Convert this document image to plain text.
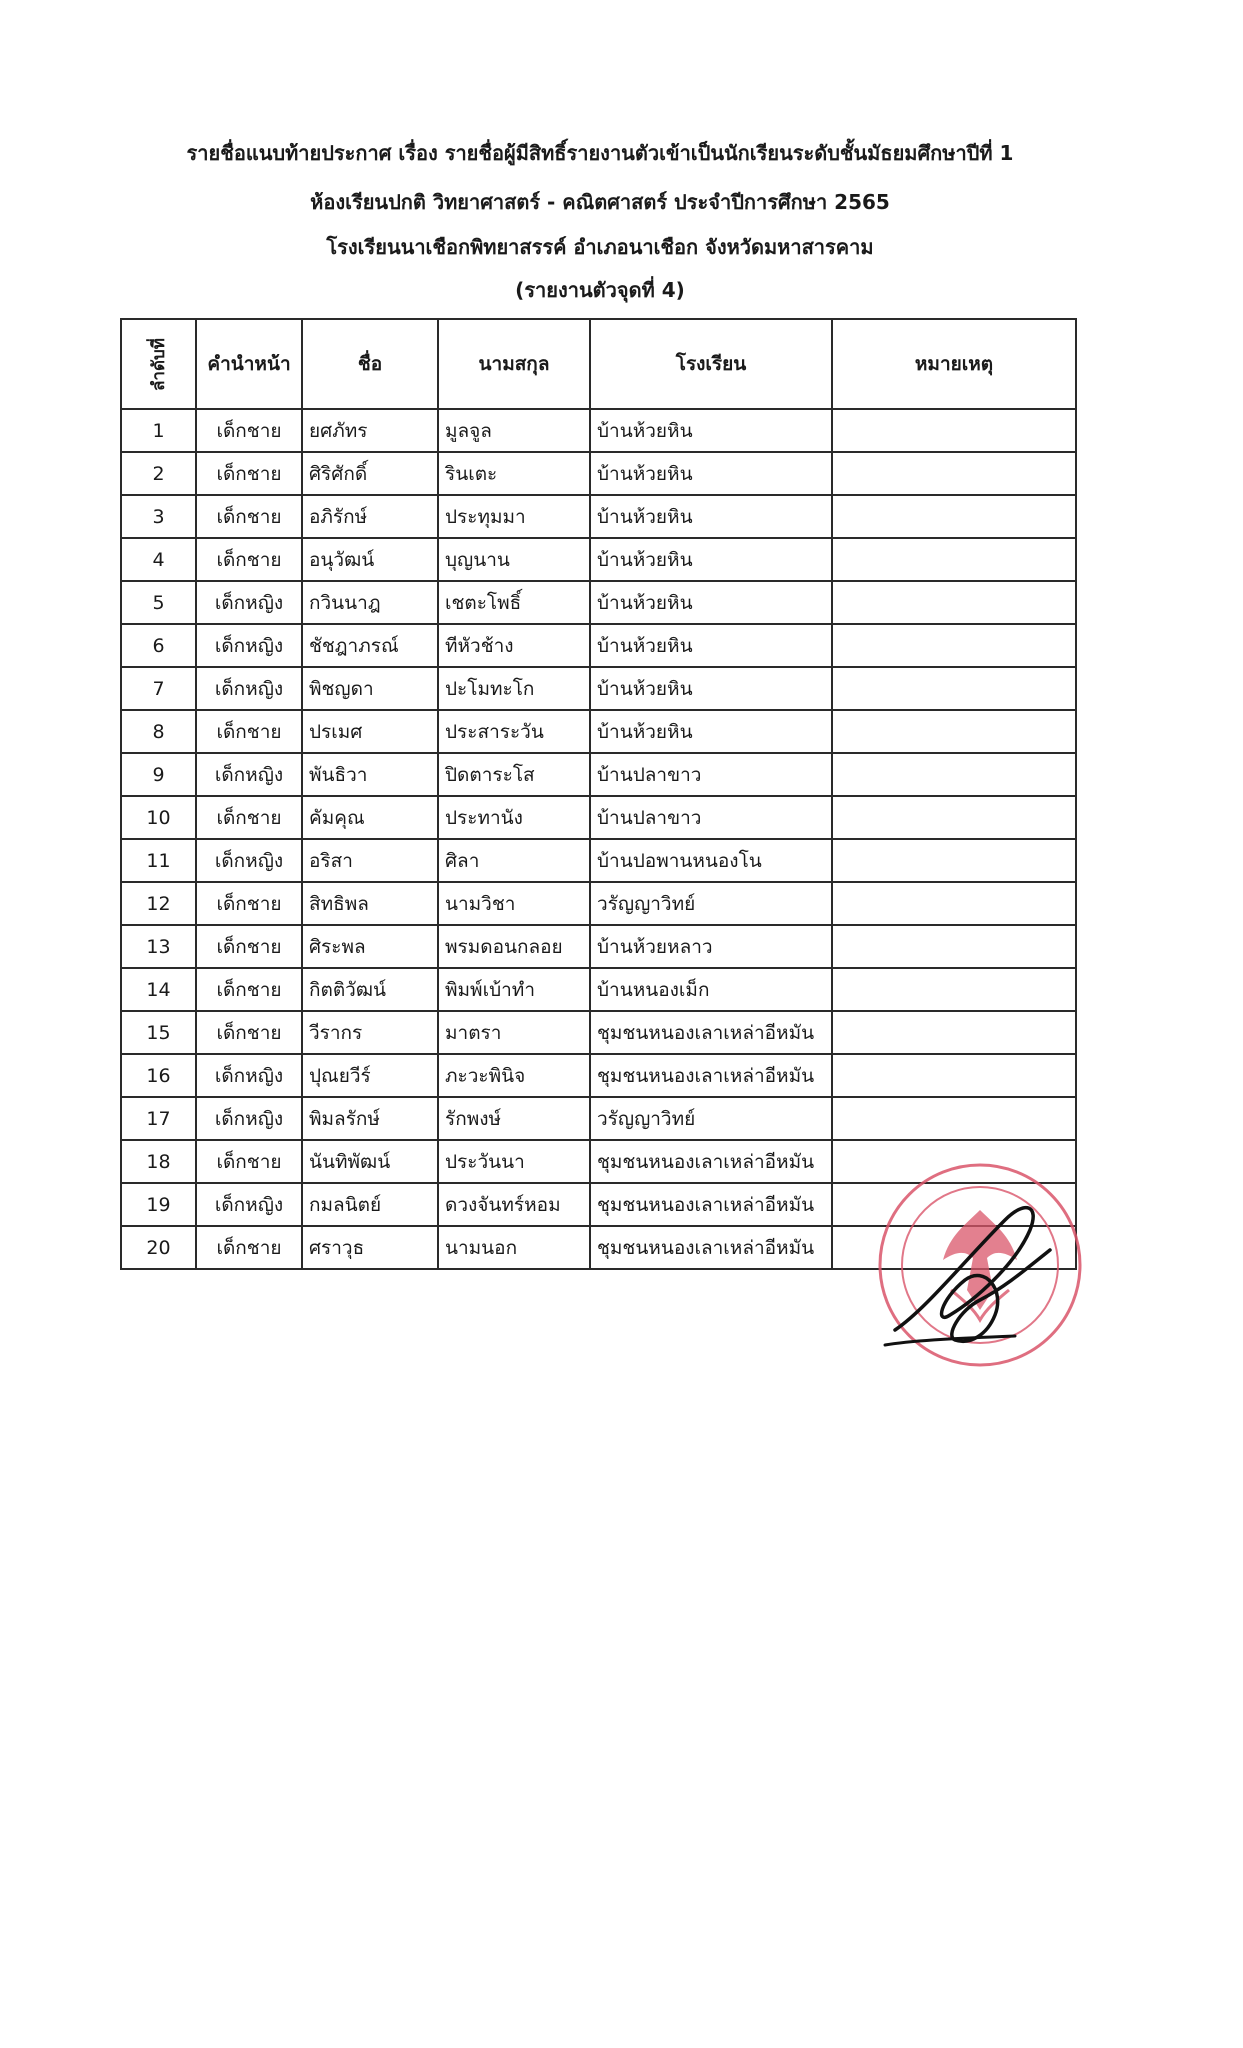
รายชื่อแนบท้ายประกาศ เรื่อง รายชื่อผู้มีสิทธิ์รายงานตัวเข้าเป็นนักเรียนระดับชั้นมัธยมศึกษาปีที่ 1
ห้องเรียนปกติ วิทยาศาสตร์ - คณิตศาสตร์ ประจำปีการศึกษา 2565
โรงเรียนนาเชือกพิทยาสรรค์ อำเภอนาเชือก จังหวัดมหาสารคาม
(รายงานตัวจุดที่ 4)
ลำดับที่	คำนำหน้า	ชื่อ	นามสกุล	โรงเรียน	หมายเหตุ
1	เด็กชาย	ยศภัทร	มูลจูล	บ้านห้วยหิน	
2	เด็กชาย	ศิริศักดิ์	รินเตะ	บ้านห้วยหิน	
3	เด็กชาย	อภิรักษ์	ประทุมมา	บ้านห้วยหิน	
4	เด็กชาย	อนุวัฒน์	บุญนาน	บ้านห้วยหิน	
5	เด็กหญิง	กวินนาฎ	เชตะโพธิ์	บ้านห้วยหิน	
6	เด็กหญิง	ชัชฎาภรณ์	ทีหัวช้าง	บ้านห้วยหิน	
7	เด็กหญิง	พิชญดา	ปะโมทะโก	บ้านห้วยหิน	
8	เด็กชาย	ปรเมศ	ประสาระวัน	บ้านห้วยหิน	
9	เด็กหญิง	พันธิวา	ปิดตาระโส	บ้านปลาขาว	
10	เด็กชาย	คัมคุณ	ประทานัง	บ้านปลาขาว	
11	เด็กหญิง	อริสา	ศิลา	บ้านปอพานหนองโน	
12	เด็กชาย	สิทธิพล	นามวิชา	วรัญญาวิทย์	
13	เด็กชาย	ศิระพล	พรมดอนกลอย	บ้านห้วยหลาว	
14	เด็กชาย	กิตติวัฒน์	พิมพ์เบ้าทำ	บ้านหนองเม็ก	
15	เด็กชาย	วีรากร	มาตรา	ชุมชนหนองเลาเหล่าอีหมัน	
16	เด็กหญิง	ปุณยวีร์	ภะวะพินิจ	ชุมชนหนองเลาเหล่าอีหมัน	
17	เด็กหญิง	พิมลรักษ์	รักพงษ์	วรัญญาวิทย์	
18	เด็กชาย	นันทิพัฒน์	ประวันนา	ชุมชนหนองเลาเหล่าอีหมัน	
19	เด็กหญิง	กมลนิตย์	ดวงจันทร์หอม	ชุมชนหนองเลาเหล่าอีหมัน	
20	เด็กชาย	ศราวุธ	นามนอก	ชุมชนหนองเลาเหล่าอีหมัน	
